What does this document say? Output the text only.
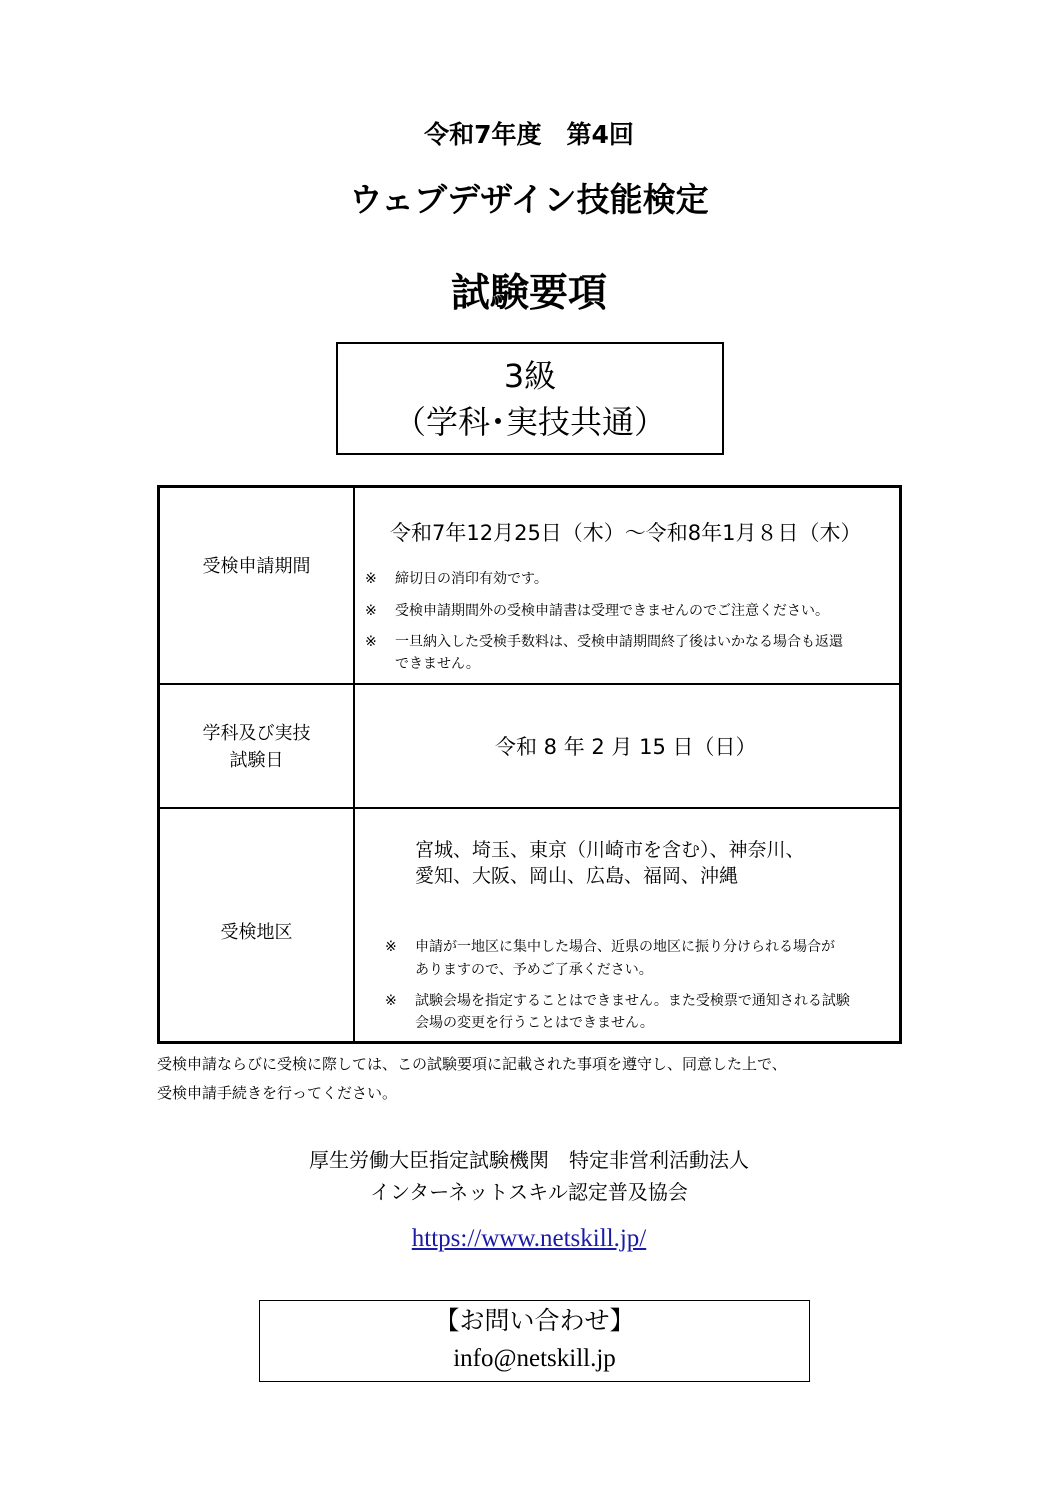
令和7年度　第4回
ウェブデザイン技能検定
試験要項
3級
（学科･実技共通）
受検申請期間
令和7年12月25日（木）～令和8年1月８日（木）
※ 締切日の消印有効です。
※ 受検申請期間外の受検申請書は受理できませんのでご注意ください。
※ 一旦納入した受検手数料は、受検申請期間終了後はいかなる場合も返還
できません。
学科及び実技
試験日
令和 8 年 2 月 15 日（日）
受検地区
宮城、埼玉、東京（川崎市を含む）、神奈川、
愛知、大阪、岡山、広島、福岡、沖縄
※ 申請が一地区に集中した場合、近県の地区に振り分けられる場合が
ありますので、予めご了承ください。
※ 試験会場を指定することはできません。また受検票で通知される試験
会場の変更を行うことはできません。
受検申請ならびに受検に際しては、この試験要項に記載された事項を遵守し、同意した上で、
受検申請手続きを行ってください。
厚生労働大臣指定試験機関　特定非営利活動法人
インターネットスキル認定普及協会
https://www.netskill.jp/
【お問い合わせ】
info@netskill.jp
